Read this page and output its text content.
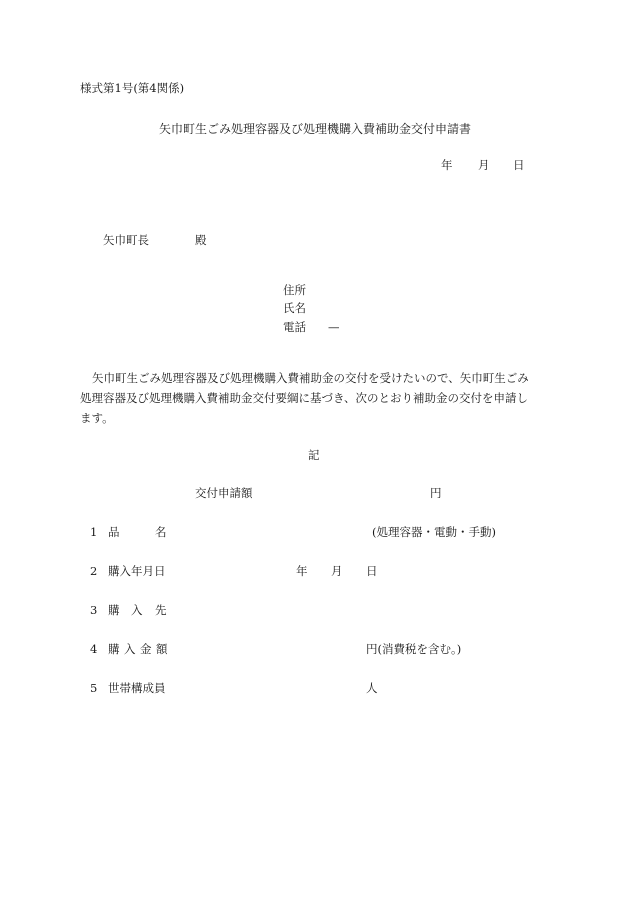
様式第1号(第4関係)
矢巾町生ごみ処理容器及び処理機購入費補助金交付申請書
年 月 日
矢巾町長	殿
住所
氏名
電話 —
矢巾町生ごみ処理容器及び処理機購入費補助金の交付を受けたいので、矢巾町生ごみ
処理容器及び処理機購入費補助金交付要綱に基づき、次のとおり補助金の交付を申請し
ます。
記
交付申請額	円
1 品	名	(処理容器・電動・手動)
2 購入年月日	年 月 日
3 購 入 先
4 購 入 金 額	円(消費税を含む。)
5 世帯構成員	人
